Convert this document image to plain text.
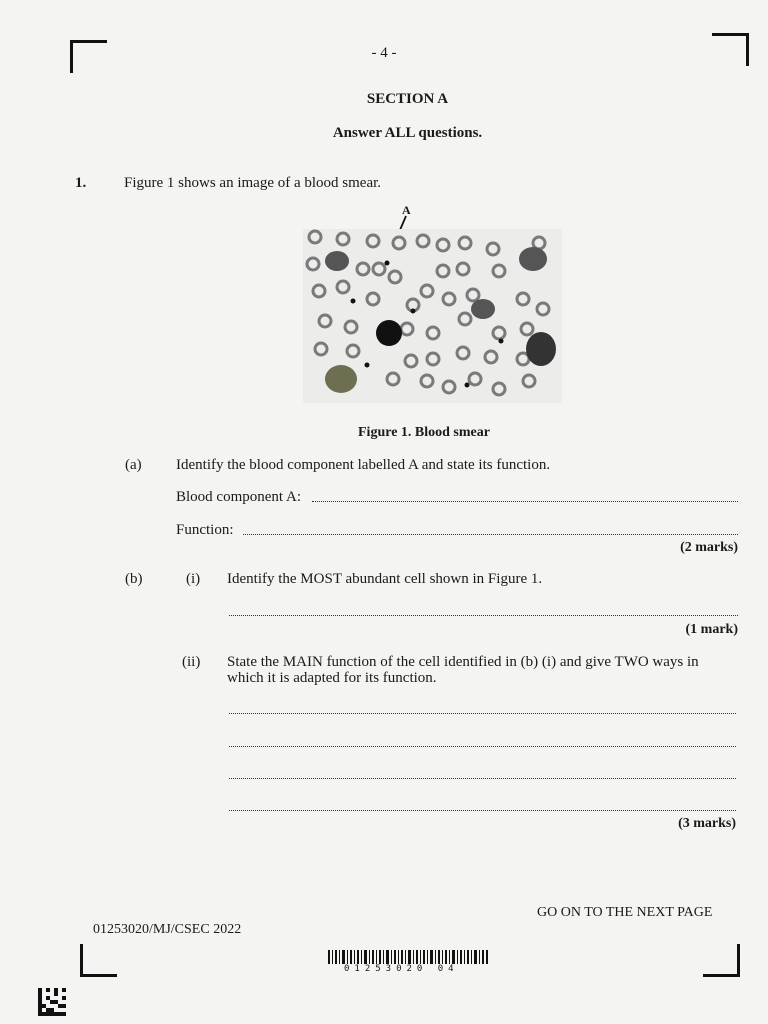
- 4 -
SECTION A
Answer ALL questions.
1.	Figure 1 shows an image of a blood smear.
A
Figure 1. Blood smear
(a) Identify the blood component labelled A and state its function.
Blood component A:
Function:
(2 marks)
(b)	(i) Identify the MOST abundant cell shown in Figure 1.
(1 mark)
(ii) State the MAIN function of the cell identified in (b) (i) and give TWO ways in
which it is adapted for its function.
(3 marks)
GO ON TO THE NEXT PAGE
01253020/MJ/CSEC 2022
01253020 04
